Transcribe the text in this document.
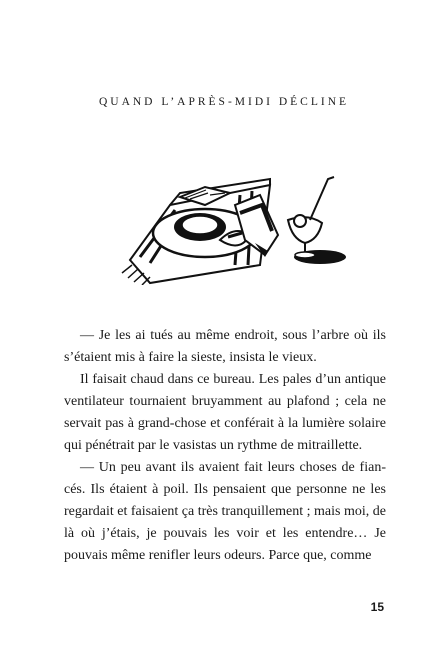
QUAND L’APRÈS-MIDI DÉCLINE

— Je les ai tués au même endroit, sous l’arbre où ils s’étaient mis à faire la sieste, insista le vieux.

Il faisait chaud dans ce bureau. Les pales d’un antique ventilateur tournaient bruyamment au plafond ; cela ne servait pas à grand-chose et conférait à la lumière solaire qui pénétrait par le vasistas un rythme de mitraillette.

— Un peu avant ils avaient fait leurs choses de fiancés. Ils étaient à poil. Ils pensaient que personne ne les regardait et faisaient ça très tranquillement ; mais moi, de là où j’étais, je pouvais les voir et les entendre… Je pouvais même renifler leurs odeurs. Parce que, comme

15
